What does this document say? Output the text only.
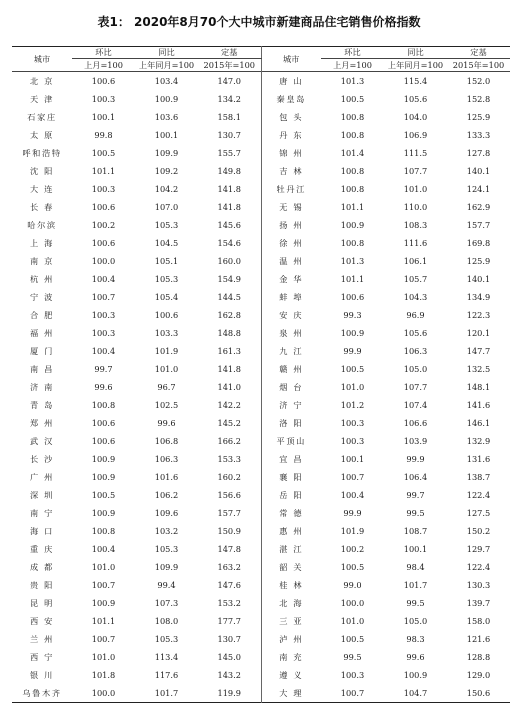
表1： 2020年8月70个大中城市新建商品住宅销售价格指数
城市	环比	同比	定基	城市	环比	同比	定基
	上月=100	上年同月=100	2015年=100		上月=100	上年同月=100	2015年=100
北 京	100.6	103.4	147.0	唐 山	101.3	115.4	152.0
天 津	100.3	100.9	134.2	秦皇岛	100.5	105.6	152.8
石家庄	100.1	103.6	158.1	包 头	100.8	104.0	125.9
太 原	99.8	100.1	130.7	丹 东	100.8	106.9	133.3
呼和浩特	100.5	109.9	155.7	锦 州	101.4	111.5	127.8
沈 阳	101.1	109.2	149.8	吉 林	100.8	107.7	140.1
大 连	100.3	104.2	141.8	牡丹江	100.8	101.0	124.1
长 春	100.6	107.0	141.8	无 锡	101.1	110.0	162.9
哈尔滨	100.2	105.3	145.6	扬 州	100.9	108.3	157.7
上 海	100.6	104.5	154.6	徐 州	100.8	111.6	169.8
南 京	100.0	105.1	160.0	温 州	101.3	106.1	125.9
杭 州	100.4	105.3	154.9	金 华	101.1	105.7	140.1
宁 波	100.7	105.4	144.5	蚌 埠	100.6	104.3	134.9
合 肥	100.3	100.6	162.8	安 庆	99.3	96.9	122.3
福 州	100.3	103.3	148.8	泉 州	100.9	105.6	120.1
厦 门	100.4	101.9	161.3	九 江	99.9	106.3	147.7
南 昌	99.7	101.0	141.8	赣 州	100.5	105.0	132.5
济 南	99.6	96.7	141.0	烟 台	101.0	107.7	148.1
青 岛	100.8	102.5	142.2	济 宁	101.2	107.4	141.6
郑 州	100.6	99.6	145.2	洛 阳	100.3	106.6	146.1
武 汉	100.6	106.8	166.2	平顶山	100.3	103.9	132.9
长 沙	100.9	106.3	153.3	宜 昌	100.1	99.9	131.6
广 州	100.9	101.6	160.2	襄 阳	100.7	106.4	138.7
深 圳	100.5	106.2	156.6	岳 阳	100.4	99.7	122.4
南 宁	100.9	109.6	157.7	常 德	99.9	99.5	127.5
海 口	100.8	103.2	150.9	惠 州	101.9	108.7	150.2
重 庆	100.4	105.3	147.8	湛 江	100.2	100.1	129.7
成 都	101.0	109.9	163.2	韶 关	100.5	98.4	122.4
贵 阳	100.7	99.4	147.6	桂 林	99.0	101.7	130.3
昆 明	100.9	107.3	153.2	北 海	100.0	99.5	139.7
西 安	101.1	108.0	177.7	三 亚	101.0	105.0	158.0
兰 州	100.7	105.3	130.7	泸 州	100.5	98.3	121.6
西 宁	101.0	113.4	145.0	南 充	99.5	99.6	128.8
银 川	101.8	117.6	143.2	遵 义	100.3	100.9	129.0
乌鲁木齐	100.0	101.7	119.9	大 理	100.7	104.7	150.6
